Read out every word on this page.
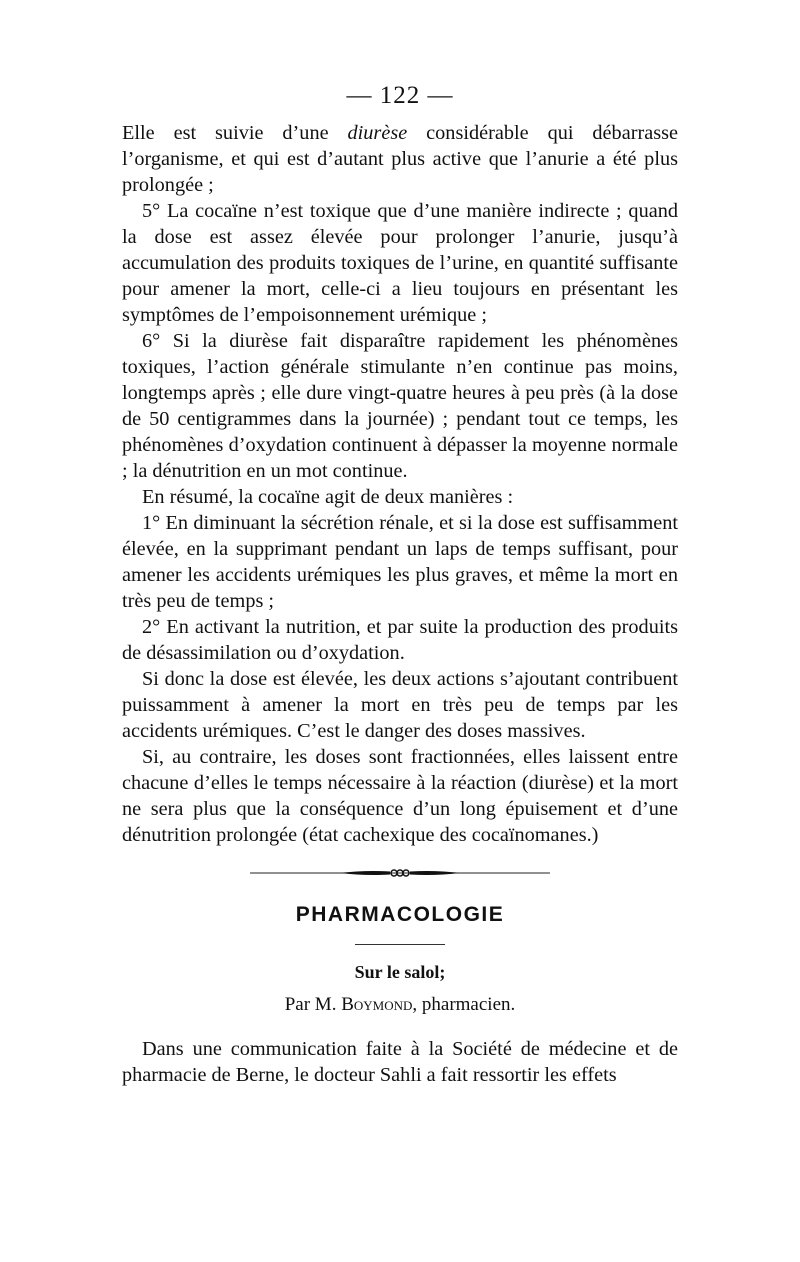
— 122 —

Elle est suivie d’une diurèse considérable qui débarrasse l’organisme, et qui est d’autant plus active que l’anurie a été plus prolongée ;

5° La cocaïne n’est toxique que d’une manière indirecte ; quand la dose est assez élevée pour prolonger l’anurie, jusqu’à accumulation des produits toxiques de l’urine, en quantité suffisante pour amener la mort, celle-ci a lieu toujours en présentant les symptômes de l’empoisonnement urémique ;

6° Si la diurèse fait disparaître rapidement les phénomènes toxiques, l’action générale stimulante n’en continue pas moins, longtemps après ; elle dure vingt-quatre heures à peu près (à la dose de 50 centigrammes dans la journée) ; pendant tout ce temps, les phénomènes d’oxydation continuent à dépasser la moyenne normale ; la dénutrition en un mot continue.

En résumé, la cocaïne agit de deux manières :

1° En diminuant la sécrétion rénale, et si la dose est suffisamment élevée, en la supprimant pendant un laps de temps suffisant, pour amener les accidents urémiques les plus graves, et même la mort en très peu de temps ;

2° En activant la nutrition, et par suite la production des produits de désassimilation ou d’oxydation.

Si donc la dose est élevée, les deux actions s’ajoutant contribuent puissamment à amener la mort en très peu de temps par les accidents urémiques. C’est le danger des doses massives.

Si, au contraire, les doses sont fractionnées, elles laissent entre chacune d’elles le temps nécessaire à la réaction (diurèse) et la mort ne sera plus que la conséquence d’un long épuisement et d’une dénutrition prolongée (état cachexique des cocaïnomanes.)

PHARMACOLOGIE
Sur le salol;
Par M. Boymond, pharmacien.

Dans une communication faite à la Société de médecine et de pharmacie de Berne, le docteur Sahli a fait ressortir les effets
